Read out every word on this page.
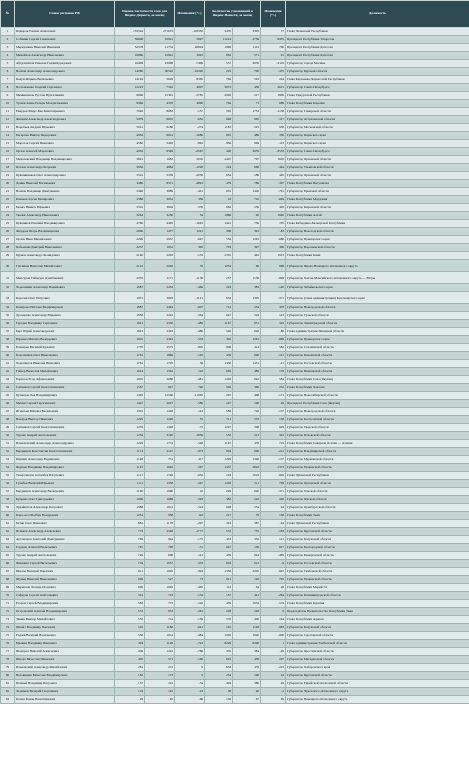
№	Главы регионов РФ	Оценка частотности слов для Яндекс.Директа, за месяц		Изменения (+/-)	Количество упоминаний в Яндекс.Новости, за месяц		Изменения (+/-)	Должность
1	Кадыров Рамзан Ахматович	153324	271674	-118350	3470	3393	77	Глава Чеченской Республики
2	Собянин Сергей Семенович	59698	32921	5997	11214	2759	8455	Президент Республики Татарстан
3	Меркушкин Николай Иванович	52578	11754	20824	1908	1112	796	Президент Республики Дагестан
4	Михайлов Александр Николаевич	16866	12941	3925	662	571	91	Президент Республики Дагестан
5	Абдулатипов Рамазан Гаджимурадович	16499	23998	-7499	557	3676	-3119	Губернатор города Москвы
6	Волков Александр Александрович	14290	30510	-16220	225	700	-475	Губернатор Курской области
7	Кокун Марина Васильевна	14194	5629	8565	766	522	244	Глава Карачаево-Черкесской Республики
8	Полтавченко Георгий Сергеевич	12223	7316	4907	3073	458	2615	Губернатор Санкт-Петербурга
9	Минниханов Рустам Нургалиевич	9606	15391	-5785	2026	217	1809	Глава Удмуртской Республики
10	Тулеев Аман-Гельды Молдагазыевич	9366	4376	4990	762	73	689	Глава Республики Карелия
11	Евкуров Юнус-Бек Баматгиреевич	7926	8083	-157	595	1753	-1158	Губернатор Самарской области
12	Жилкин Александр Александрович	5979	6635	-632	648	965	-317	Губернатор Астраханской области
13	Воробьев Андрей Юрьевич	5912	6186	-274	1183	225	958	Губернатор Московской области
14	Басаргин Виктор Федорович	4934	6614	-1680	845	489	356	Губернатор Пермского края
15	Морозов Сергей Иванович	4560	5402	-842	836	949	-113	Губернатор Пермского края
16	Орлов Алексей Маратович	4032	6599	-2567	426	3979	-3553	Губернатор Санкт-Петербурга
17	Михалевский Владимир Владимирович	3691	1683	2010	2407	797	1610	Губернатор Орловской области
18	Козлов Александр Петрович	3656	4884	-1228	224	668	-444	Губернатор Ульяновской области
19	Кувшинников Олег Александрович	3501	5359	-2058	634	189	445	Губернатор Орловской области
20	Денин Николай Васильевич	3480	8371	-4891	479	786	-307	Глава Республики Ингушетия
21	Волков Владимир Дмитриевич	3448	3889	-441	635	1426	-791	Губернатор Брянской области
22	Канаков Арсен Баширович	3388	3032	356	16	710	-694	Глава Республики Мордовия
23	Белых Никита Юрьевич	3316	3694	-378	662	259	403	Губернатор Кировской области
24	Ткачев Александр Николаевич	3264	3230	34	1866	40	1826	Глава Республики Алтай
25	Кувшинов Евгений Владимирович	2760	4405	-1645	1441	736	705	Глава Кабардино-Балкарской Республики
26	Федоров Игорь Владимирович	2696	1477	1221	308	391	-83	Губернатор Вологодской области
27	Орлов Иван Михайлович	2290	2937	-647	559	1245	-686	Губернатор Приморского края
28	Кобылкин Дмитрий Николаевич	2237	1932	305	703	397	306	Губернатор Воронежской области
29	Бурков Александр Леонидович	2160	2293	-133	2355	442	1913	Глава Республики Коми
30	Гапликов Вячеслав Михайлович	2122	2046	76	1054	66	968	Губернатор Ямало-Ненецкого автономного округа
31	Мансуров Таймураз Дзамбекович	2035	3171	-1136	257	1156	-899	Губернатор Ханты-Мансийского автономного округа — Югры
32	Хорошавин Александр Вадимович	1987	2453	-466	243	383	-140	Губернатор Забайкальского края
33	Королев Олег Петрович	1972	3093	-1121	934	1305	-371	Губернатор (глава администрации) Красноярского края
34	Комарова Наталья Владимировна	1887	2494	-607	712	254	478	Губернатор Новгородской области
35	Дрозденко Александр Юрьевич	1858	2222	-364	647	504	143	Губернатор Тульской области
36	Груздев Владимир Сергеевич	1841	2330	-489	1167	851	316	Губернатор Ленинградской области
37	Берг Юрий Александрович	1823	2303	-480	540	626	-86	Глава администрации Липецкой области
38	Юревич Михаил Валерьевич	1810	2343	-533	392	1261	-869	Губернатор Приморского края
39	Бочкарев Василий Кузьмич	1770	2575	-805	996	414	582	Губернатор Сахалинской области
40	Колесников Олег Николаевич	1761	1866	-105	459	600	-141	Губернатор Пензенской области
41	Хорошилов Николай Иванович	1761	1705	56	1430	1451	-21	Губернатор Ростовской области
42	Гайзер Вячеслав Михайлович	1624	1502	122	665	489	176	Губернатор Ивановской области
43	Борисов Егор Афанасьевич	1605	2086	-481	1226	642	584	Глава Республики Саха (Якутия)
44	Ситников Сергей Константинович	1567	827	740	592	360	232	Глава Республики Хакасия
45	Кузнецов Лев Владимирович	1495	12560	-11065	297	468	-171	Губернатор Новосибирской области
46	Митин Сергей Герасимович	1447	2027	-580	247	198	49	Президент Республики Саха (Якутия)
47	Игнатьев Михаил Васильевич	1391	1248	143	589	726	-137	Губернатор Новгородской области
48	Назаров Виктор Иванович	1295	1240	55	711	553	158	Губернатор Костромской области
49	Ситников Сергей Константинович	1276	1348	-72	1227	598	629	Губернатор Тверской области
50	Турчак Андрей Анатольевич	1234	3190	-1956	535	213	322	Губернатор Псковской области
51	Ильюховский Александр Александрович	1226	1774	-548	1197	478	719	Глава Республики Северная Осетия — Алания
52	Бердников Константин Константинович	1174	2147	-973	994	606	-212	Губернатор Владимирской области
53	Кирпин Александр Вадимович	1148	731	417	1209	1346	-137	Губернатор Мурманской области
54	Якушев Владимир Владимирович	1125	1692	-567	1437	2810	-1373	Губернатор Тюменской области
55	Тахерхиалов Асламбек Юсупович	1117	1749	-632	193	1019	-826	Глава Чувашской Республики
56	Гулибов Василий Юрьевич	1111	1358	-247	1220	511	709	Губернатор Орловской области
57	Бердников Александр Васильевич	1100	1090	10	249	620	-371	Губернатор Томской области
58	Куценко Олег Григорьевич	1096	1689	-593	482	242	240	Губернатор Омской области
59	Худайнятов Александр Петрович	1088	1612	-524	648	554	94	Губернатор Оренбургской области
60	Кара-оол Шолбан Валерьевич	1054	938	116	217	79	138	Глава Республики Тыва
61	Бетин Олег Иванович	881	1178	-297	323	387	-64	Глава Чувашской Республики
62	Ясенков Александр Алексеевич	773	2548	-1775	572	755	-183	Губернатор Курганской области
63	Артамонов Анатолий Дмитриевич	769	944	-175	453	332	121	Губернатор Калужской области
64	Гордеев Алексей Васильевич	767	798	-31	947	130	817	Губернатор Белгородской области
65	Турчак Андрей Анатольевич	749	608	141	459	944	-485	Губернатор Кемеровской области
66	Жванкин Сергей Витальевич	704	1057	-353	603	612	-9	Губернатор Ростовской области
67	Шилов Валерий Павлович	611	1005	-394	1358	2205	-847	Губернатор Тамбовской области
68	Щукин Николай Николаевич	600	527	73	921	126	795	Губернатор Тюменской области
69	Марконов Леонид Игоревич	600	1065	-465	112	64	48	Глава Республики Марий Эл
70	Сафаров Сергей Анатольевич	591	723	-132	157	441	-284	Губернатор Калининградской области
71	Егоров Сергей Владимирович	583	775	-192	459	1033	-574	Глава Республики Бурятия
72	Островский Алексей Владимирович	572	833	-261	228	228	0	Председатель Правительства Республики Тыва
73	Зимин Виктор Михайлович	555	714	-159	570	406	164	Глава Республики Адыгея
74	Шпейт Владимир Павлович	545	1186	-641	145	1128	-983	Губернатор Калужской области
75	Радаев Валерий Васильевич	530	1014	-484	1020	1920	-900	Губернатор Саратовской области
76	Брыкин Владимир Иванович	494	1128	-743	6299	6298	1	Глава администрации Тамбовской области
77	Шантрах Николай Алексеевич	436	1222	-786	335	384	-49	Губернатор Ярославской области
78	Шпорт Вячеслав Иванович	405	571	-166	645	438	207	Губернатор Магаданской области
79	Ильковский Александр Михайлович	281	272	9	632	479	-223	Губернатор Хабаровского края
80	Наговицын Вячеслав Владимирович	182	173	9	234	190	44	Губернатор Курганской области
81	Печный Владимир Петрович	157	191	-34	429	380	49	Губернатор Еврейской автономной области
82	Зеленков Валерий Георгиевич	119	142	-23	38	40	-2	Губернатор Чукотского автономного округа
83	Колин Роман Валентинович	29	95	-66	136	67	69	Губернатор Ненецкого автономного округа
